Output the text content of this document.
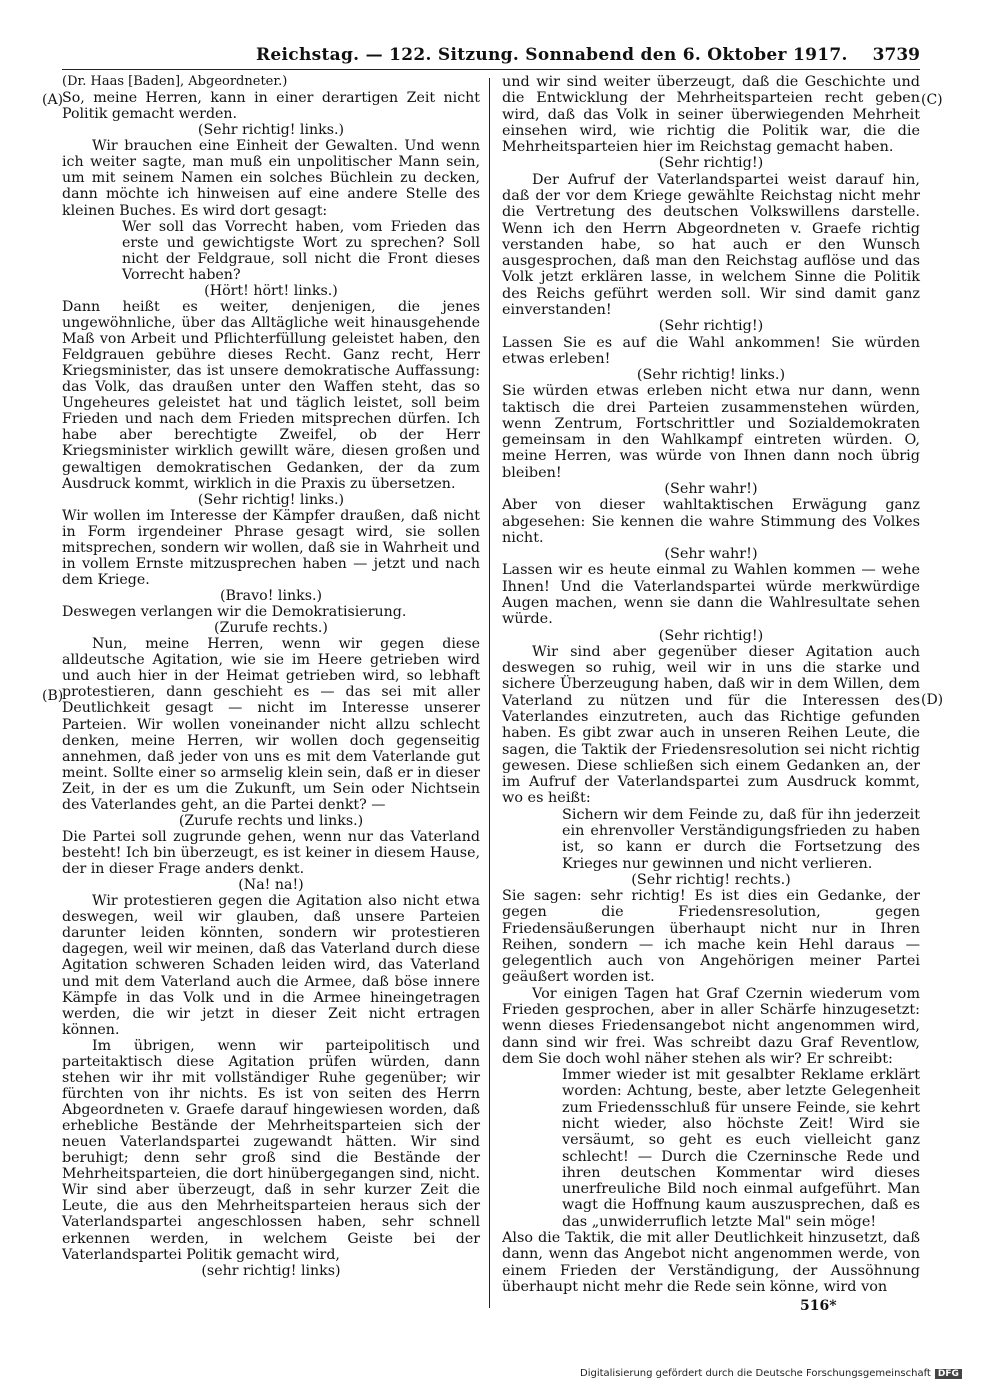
Reichstag. — 122. Sitzung. Sonnabend den 6. Oktober 1917. 3739
(A)
(B)
(C)
(D)

(Dr. Haas [Baden], Abgeordneter.)

So, meine Herren, kann in einer derartigen Zeit nicht Politik gemacht werden.

(Sehr richtig! links.)

Wir brauchen eine Einheit der Gewalten. Und wenn ich weiter sagte, man muß ein unpolitischer Mann sein, um mit seinem Namen ein solches Büchlein zu decken, dann möchte ich hinweisen auf eine andere Stelle des kleinen Buches. Es wird dort gesagt:

Wer soll das Vorrecht haben, vom Frieden das erste und gewichtigste Wort zu sprechen? Soll nicht der Feldgraue, soll nicht die Front dieses Vorrecht haben?

(Hört! hört! links.)

Dann heißt es weiter, denjenigen, die jenes ungewöhnliche, über das Alltägliche weit hinausgehende Maß von Arbeit und Pflichterfüllung geleistet haben, den Feldgrauen gebühre dieses Recht. Ganz recht, Herr Kriegsminister, das ist unsere demokratische Auffassung: das Volk, das draußen unter den Waffen steht, das so Ungeheures geleistet hat und täglich leistet, soll beim Frieden und nach dem Frieden mitsprechen dürfen. Ich habe aber berechtigte Zweifel, ob der Herr Kriegsminister wirklich gewillt wäre, diesen großen und gewaltigen demokratischen Gedanken, der da zum Ausdruck kommt, wirklich in die Praxis zu übersetzen.

(Sehr richtig! links.)

Wir wollen im Interesse der Kämpfer draußen, daß nicht in Form irgendeiner Phrase gesagt wird, sie sollen mitsprechen, sondern wir wollen, daß sie in Wahrheit und in vollem Ernste mitzusprechen haben — jetzt und nach dem Kriege.

(Bravo! links.)

Deswegen verlangen wir die Demokratisierung.

(Zurufe rechts.)

Nun, meine Herren, wenn wir gegen diese alldeutsche Agitation, wie sie im Heere getrieben wird und auch hier in der Heimat getrieben wird, so lebhaft protestieren, dann geschieht es — das sei mit aller Deutlichkeit gesagt — nicht im Interesse unserer Parteien. Wir wollen voneinander nicht allzu schlecht denken, meine Herren, wir wollen doch gegenseitig annehmen, daß jeder von uns es mit dem Vaterlande gut meint. Sollte einer so armselig klein sein, daß er in dieser Zeit, in der es um die Zukunft, um Sein oder Nichtsein des Vaterlandes geht, an die Partei denkt? —

(Zurufe rechts und links.)

Die Partei soll zugrunde gehen, wenn nur das Vaterland besteht! Ich bin überzeugt, es ist keiner in diesem Hause, der in dieser Frage anders denkt.

(Na! na!)

Wir protestieren gegen die Agitation also nicht etwa deswegen, weil wir glauben, daß unsere Parteien darunter leiden könnten, sondern wir protestieren dagegen, weil wir meinen, daß das Vaterland durch diese Agitation schweren Schaden leiden wird, das Vaterland und mit dem Vaterland auch die Armee, daß böse innere Kämpfe in das Volk und in die Armee hineingetragen werden, die wir jetzt in dieser Zeit nicht ertragen können.

Im übrigen, wenn wir parteipolitisch und parteitaktisch diese Agitation prüfen würden, dann stehen wir ihr mit vollständiger Ruhe gegenüber; wir fürchten von ihr nichts. Es ist von seiten des Herrn Abgeordneten v. Graefe darauf hingewiesen worden, daß erhebliche Bestände der Mehrheitsparteien sich der neuen Vaterlandspartei zugewandt hätten. Wir sind beruhigt; denn sehr groß sind die Bestände der Mehrheitsparteien, die dort hinübergegangen sind, nicht. Wir sind aber überzeugt, daß in sehr kurzer Zeit die Leute, die aus den Mehrheitsparteien heraus sich der Vaterlandspartei angeschlossen haben, sehr schnell erkennen werden, in welchem Geiste bei der Vaterlandspartei Politik gemacht wird,

(sehr richtig! links)

und wir sind weiter überzeugt, daß die Geschichte und die Entwicklung der Mehrheitsparteien recht geben wird, daß das Volk in seiner überwiegenden Mehrheit einsehen wird, wie richtig die Politik war, die die Mehrheitsparteien hier im Reichstag gemacht haben.

(Sehr richtig!)

Der Aufruf der Vaterlandspartei weist darauf hin, daß der vor dem Kriege gewählte Reichstag nicht mehr die Vertretung des deutschen Volkswillens darstelle. Wenn ich den Herrn Abgeordneten v. Graefe richtig verstanden habe, so hat auch er den Wunsch ausgesprochen, daß man den Reichstag auflöse und das Volk jetzt erklären lasse, in welchem Sinne die Politik des Reichs geführt werden soll. Wir sind damit ganz einverstanden!

(Sehr richtig!)

Lassen Sie es auf die Wahl ankommen! Sie würden etwas erleben!

(Sehr richtig! links.)

Sie würden etwas erleben nicht etwa nur dann, wenn taktisch die drei Parteien zusammenstehen würden, wenn Zentrum, Fortschrittler und Sozialdemokraten gemeinsam in den Wahlkampf eintreten würden. O, meine Herren, was würde von Ihnen dann noch übrig bleiben!

(Sehr wahr!)

Aber von dieser wahltaktischen Erwägung ganz abgesehen: Sie kennen die wahre Stimmung des Volkes nicht.

(Sehr wahr!)

Lassen wir es heute einmal zu Wahlen kommen — wehe Ihnen! Und die Vaterlandspartei würde merkwürdige Augen machen, wenn sie dann die Wahlresultate sehen würde.

(Sehr richtig!)

Wir sind aber gegenüber dieser Agitation auch deswegen so ruhig, weil wir in uns die starke und sichere Überzeugung haben, daß wir in dem Willen, dem Vaterland zu nützen und für die Interessen des Vaterlandes einzutreten, auch das Richtige gefunden haben. Es gibt zwar auch in unseren Reihen Leute, die sagen, die Taktik der Friedensresolution sei nicht richtig gewesen. Diese schließen sich einem Gedanken an, der im Aufruf der Vaterlandspartei zum Ausdruck kommt, wo es heißt:

Sichern wir dem Feinde zu, daß für ihn jederzeit ein ehrenvoller Verständigungsfrieden zu haben ist, so kann er durch die Fortsetzung des Krieges nur gewinnen und nicht verlieren.

(Sehr richtig! rechts.)

Sie sagen: sehr richtig! Es ist dies ein Gedanke, der gegen die Friedensresolution, gegen Friedensäußerungen überhaupt nicht nur in Ihren Reihen, sondern — ich mache kein Hehl daraus — gelegentlich auch von Angehörigen meiner Partei geäußert worden ist.

Vor einigen Tagen hat Graf Czernin wiederum vom Frieden gesprochen, aber in aller Schärfe hinzugesetzt: wenn dieses Friedensangebot nicht angenommen wird, dann sind wir frei. Was schreibt dazu Graf Reventlow, dem Sie doch wohl näher stehen als wir? Er schreibt:

Immer wieder ist mit gesalbter Reklame erklärt worden: Achtung, beste, aber letzte Gelegenheit zum Friedensschluß für unsere Feinde, sie kehrt nicht wieder, also höchste Zeit! Wird sie versäumt, so geht es euch vielleicht ganz schlecht! — Durch die Czerninsche Rede und ihren deutschen Kommentar wird dieses unerfreuliche Bild noch einmal aufgeführt. Man wagt die Hoffnung kaum auszusprechen, daß es das „unwiderruflich letzte Mal" sein möge!

Also die Taktik, die mit aller Deutlichkeit hinzusetzt, daß dann, wenn das Angebot nicht angenommen werde, von einem Frieden der Verständigung, der Aussöhnung überhaupt nicht mehr die Rede sein könne, wird von

516*
Digitalisierung gefördert durch die Deutsche Forschungsgemeinschaft DFG
